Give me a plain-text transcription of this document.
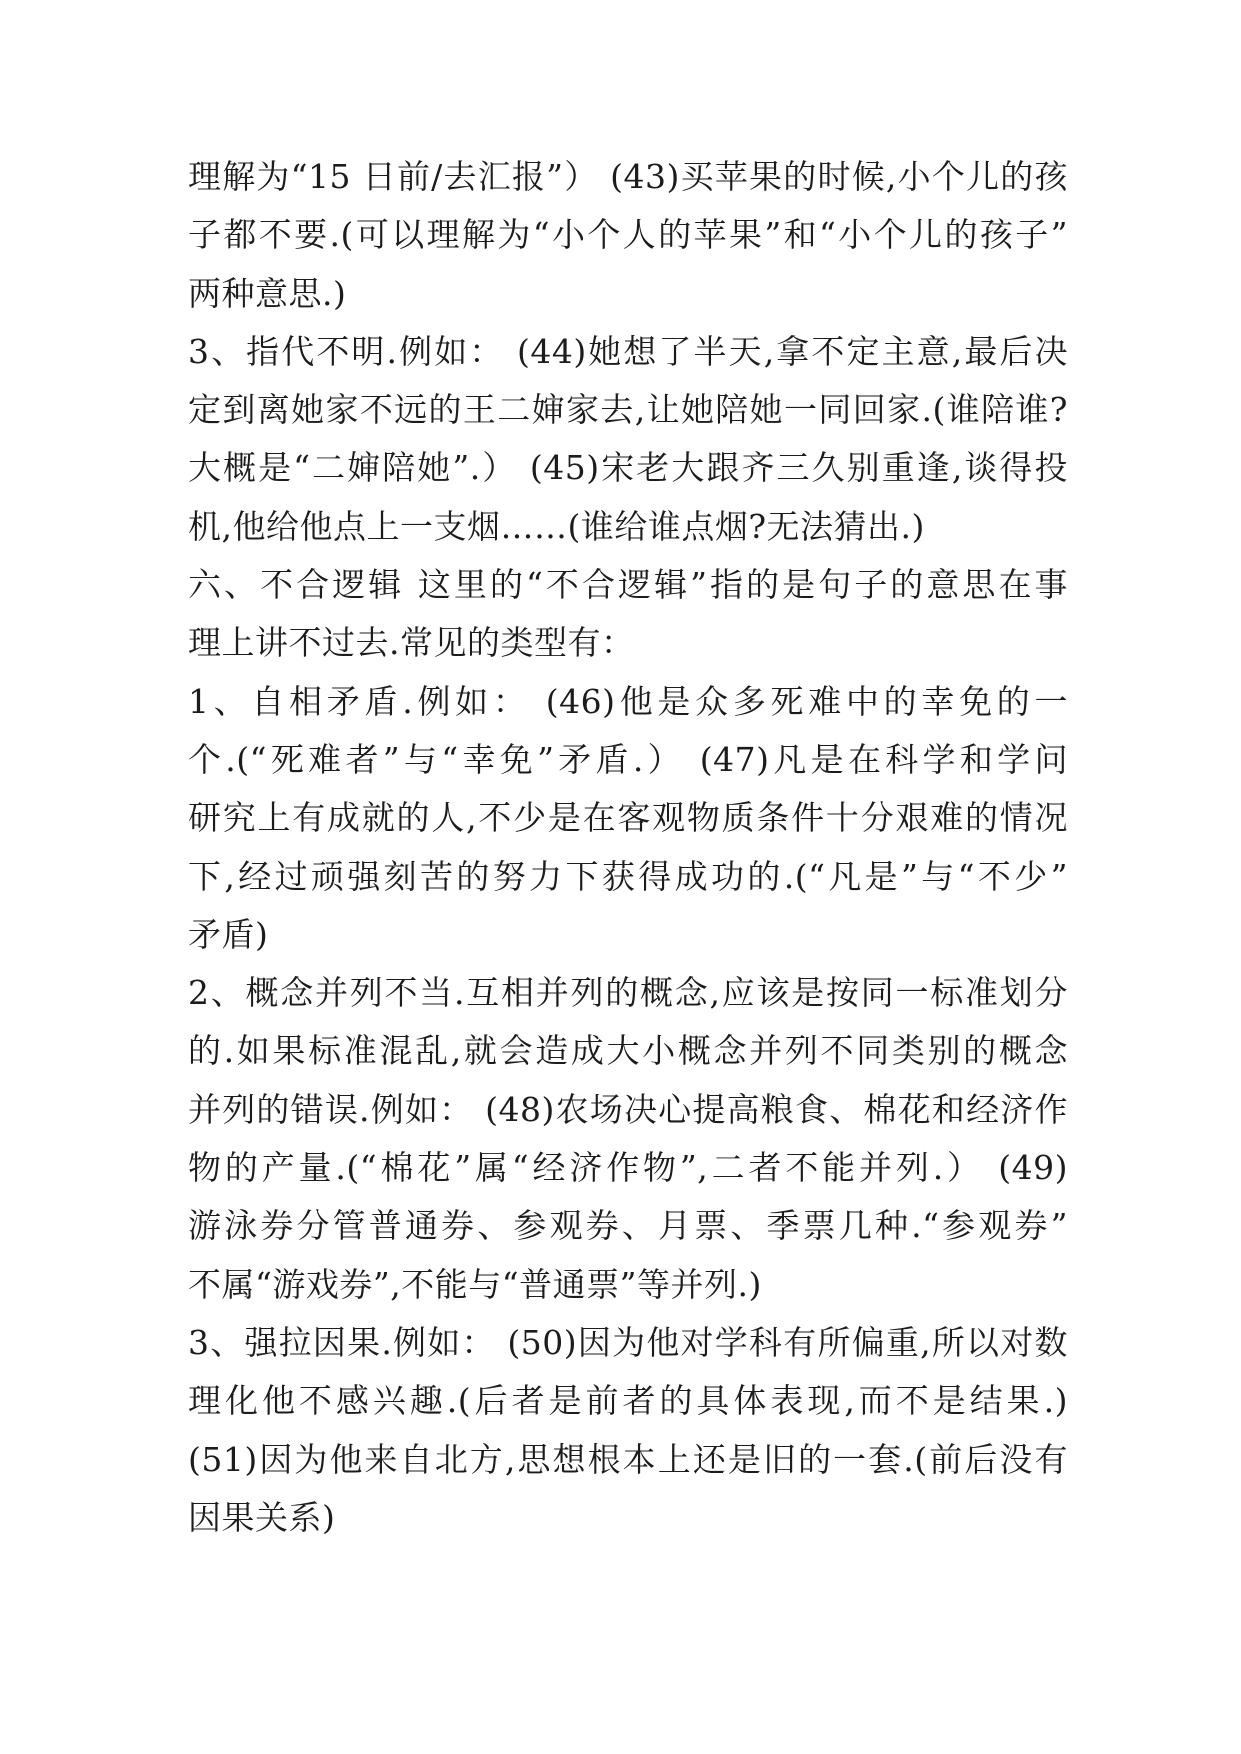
理解为“15 日前/去汇报”） (43)买苹果的时候,小个儿的孩
子都不要.(可以理解为“小个人的苹果”和“小个儿的孩子”
两种意思.)
3、指代不明.例如： (44)她想了半天,拿不定主意,最后决
定到离她家不远的王二婶家去,让她陪她一同回家.(谁陪谁?
大概是“二婶陪她”.） (45)宋老大跟齐三久别重逢,谈得投
机,他给他点上一支烟……(谁给谁点烟?无法猜出.)
六、不合逻辑 这里的“不合逻辑”指的是句子的意思在事
理上讲不过去.常见的类型有：
1、自相矛盾.例如： (46)他是众多死难中的幸免的一
个.(“死难者”与“幸免”矛盾.） (47)凡是在科学和学问
研究上有成就的人,不少是在客观物质条件十分艰难的情况
下,经过顽强刻苦的努力下获得成功的.(“凡是”与“不少”
矛盾)
2、概念并列不当.互相并列的概念,应该是按同一标准划分
的.如果标准混乱,就会造成大小概念并列不同类别的概念
并列的错误.例如： (48)农场决心提高粮食、棉花和经济作
物的产量.(“棉花”属“经济作物”,二者不能并列.） (49)
游泳券分管普通券、参观券、月票、季票几种.“参观券”
不属“游戏券”,不能与“普通票”等并列.)
3、强拉因果.例如： (50)因为他对学科有所偏重,所以对数
理化他不感兴趣.(后者是前者的具体表现,而不是结果.)
(51)因为他来自北方,思想根本上还是旧的一套.(前后没有
因果关系)
